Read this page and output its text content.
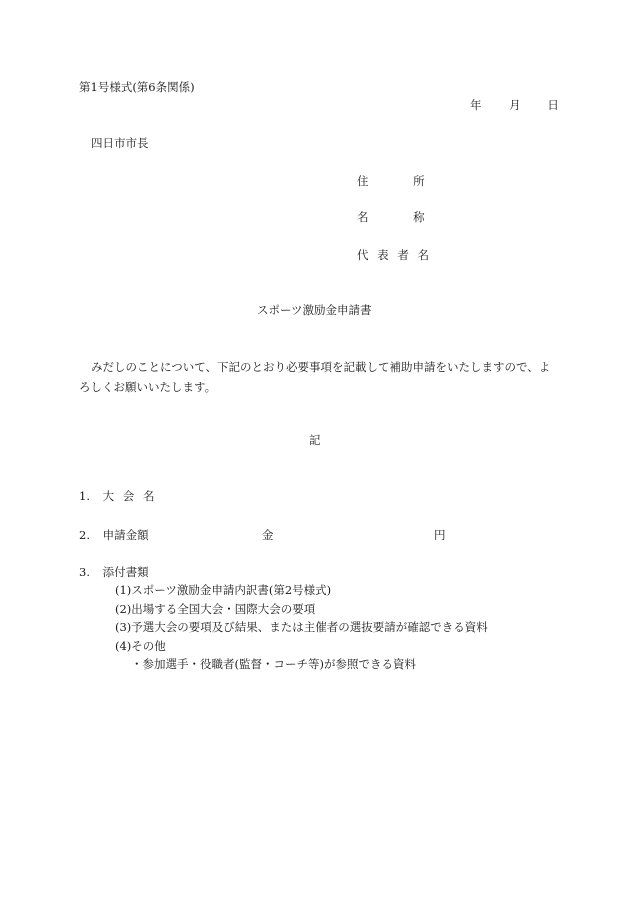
第1号様式(第6条関係)
年 月 日
四日市市長
住	所
名	称
代 表 者 名
スポーツ激励金申請書
みだしのことについて、下記のとおり必要事項を記載して補助申請をいたしますので、よ
ろしくお願いいたします。
記
1. 大 会 名
2. 申請金額	金	円
3. 添付書類
(1)スポーツ激励金申請内訳書(第2号様式)
(2)出場する全国大会・国際大会の要項
(3)予選大会の要項及び結果、または主催者の選抜要請が確認できる資料
(4)その他
・参加選手・役職者(監督・コーチ等)が参照できる資料
